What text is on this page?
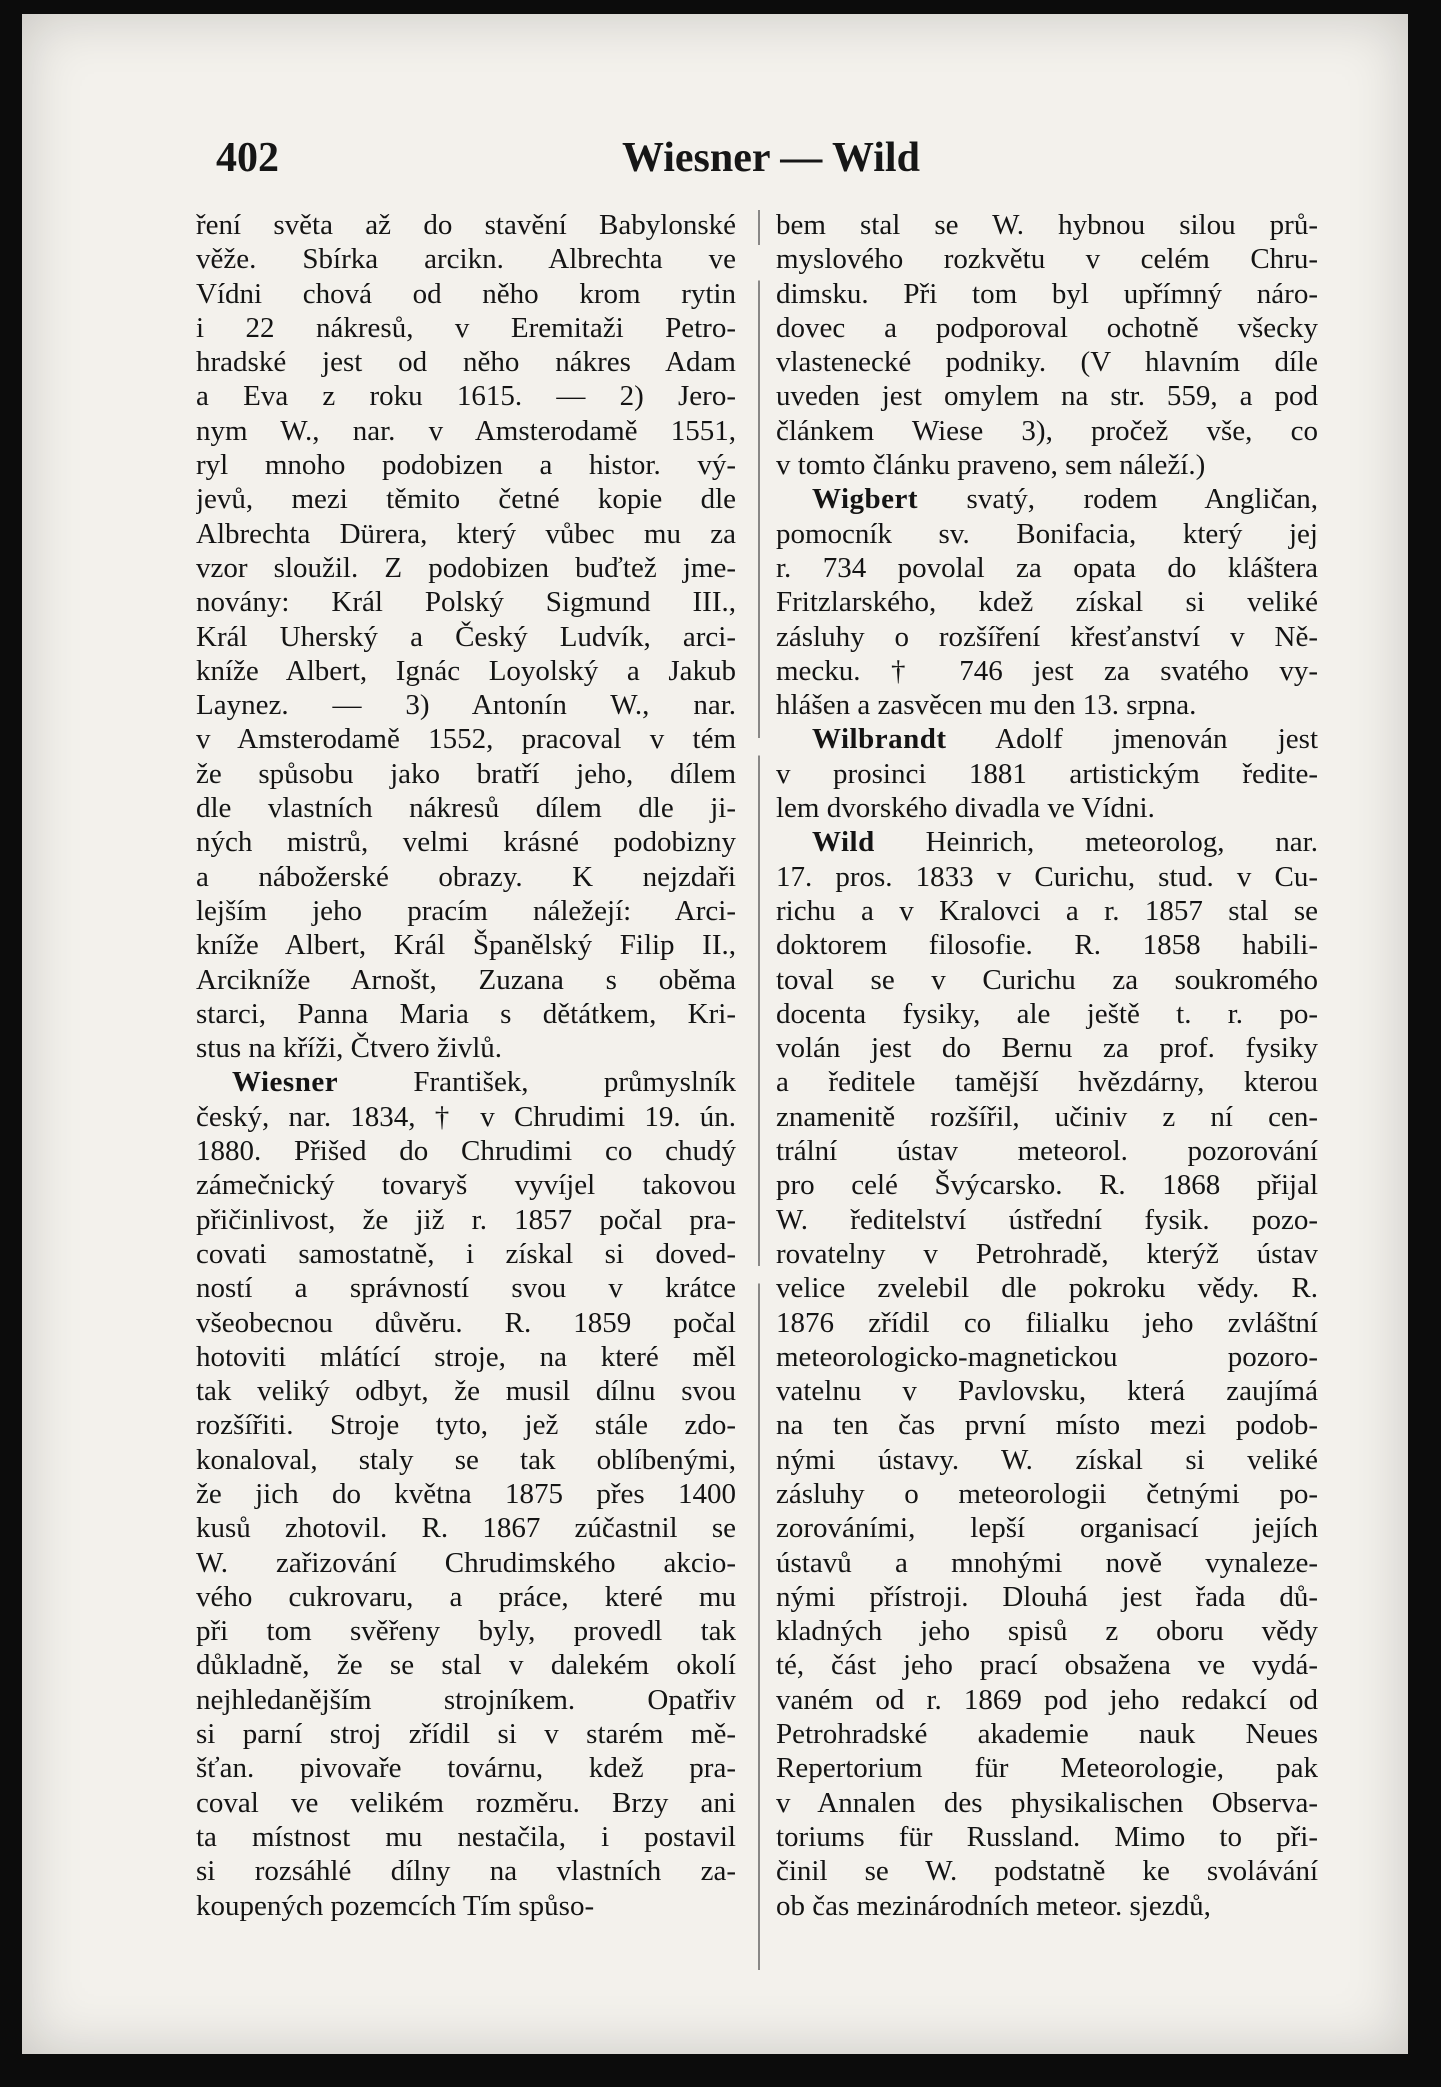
402	Wiesner — Wild
ření světa až do stavění Babylonské
věže. Sbírka arcikn. Albrechta ve
Vídni chová od něho krom rytin
i 22 nákresů, v Eremitaži Petro-
hradské jest od něho nákres Adam
a Eva z roku 1615. — 2) Jero-
nym W., nar. v Amsterodamě 1551,
ryl mnoho podobizen a histor. vý-
jevů, mezi těmito četné kopie dle
Albrechta Dürera, který vůbec mu za
vzor sloužil. Z podobizen buďtež jme-
novány: Král Polský Sigmund III.,
Král Uherský a Český Ludvík, arci-
kníže Albert, Ignác Loyolský a Jakub
Laynez. — 3) Antonín W., nar.
v Amsterodamě 1552, pracoval v tém
že spůsobu jako bratří jeho, dílem
dle vlastních nákresů dílem dle ji-
ných mistrů, velmi krásné podobizny
a nábožerské obrazy. K nejzdaři
lejším jeho pracím náležejí: Arci-
kníže Albert, Král Španělský Filip II.,
Arcikníže Arnošt, Zuzana s oběma
starci, Panna Maria s dětátkem, Kri-
stus na kříži, Čtvero živlů.
Wiesner František, průmyslník
český, nar. 1834, † v Chrudimi 19. ún.
1880. Přišed do Chrudimi co chudý
zámečnický tovaryš vyvíjel takovou
přičinlivost, že již r. 1857 počal pra-
covati samostatně, i získal si doved-
ností a správností svou v krátce
všeobecnou důvěru. R. 1859 počal
hotoviti mlátící stroje, na které měl
tak veliký odbyt, že musil dílnu svou
rozšířiti. Stroje tyto, jež stále zdo-
konaloval, staly se tak oblíbenými,
že jich do května 1875 přes 1400
kusů zhotovil. R. 1867 zúčastnil se
W. zařizování Chrudimského akcio-
vého cukrovaru, a práce, které mu
při tom svěřeny byly, provedl tak
důkladně, že se stal v dalekém okolí
nejhledanějším strojníkem. Opatřiv
si parní stroj zřídil si v starém mě-
šťan. pivovaře továrnu, kdež pra-
coval ve velikém rozměru. Brzy ani
ta místnost mu nestačila, i postavil
si rozsáhlé dílny na vlastních za-
koupených pozemcích Tím spůso-
bem stal se W. hybnou silou prů-
myslového rozkvětu v celém Chru-
dimsku. Při tom byl upřímný náro-
dovec a podporoval ochotně všecky
vlastenecké podniky. (V hlavním díle
uveden jest omylem na str. 559, a pod
článkem Wiese 3), pročež vše, co
v tomto článku praveno, sem náleží.)
Wigbert svatý, rodem Angličan,
pomocník sv. Bonifacia, který jej
r. 734 povolal za opata do kláštera
Fritzlarského, kdež získal si veliké
zásluhy o rozšíření křesťanství v Ně-
mecku. † 746 jest za svatého vy-
hlášen a zasvěcen mu den 13. srpna.
Wilbrandt Adolf jmenován jest
v prosinci 1881 artistickým ředite-
lem dvorského divadla ve Vídni.
Wild Heinrich, meteorolog, nar.
17. pros. 1833 v Curichu, stud. v Cu-
richu a v Kralovci a r. 1857 stal se
doktorem filosofie. R. 1858 habili-
toval se v Curichu za soukromého
docenta fysiky, ale ještě t. r. po-
volán jest do Bernu za prof. fysiky
a ředitele tamější hvězdárny, kterou
znamenitě rozšířil, učiniv z ní cen-
trální ústav meteorol. pozorování
pro celé Švýcarsko. R. 1868 přijal
W. ředitelství ústřední fysik. pozo-
rovatelny v Petrohradě, kterýž ústav
velice zvelebil dle pokroku vědy. R.
1876 zřídil co filialku jeho zvláštní
meteorologicko-magnetickou pozoro-
vatelnu v Pavlovsku, která zaujímá
na ten čas první místo mezi podob-
nými ústavy. W. získal si veliké
zásluhy o meteorologii četnými po-
zorováními, lepší organisací jejích
ústavů a mnohými nově vynaleze-
nými přístroji. Dlouhá jest řada dů-
kladných jeho spisů z oboru vědy
té, část jeho prací obsažena ve vydá-
vaném od r. 1869 pod jeho redakcí od
Petrohradské akademie nauk Neues
Repertorium für Meteorologie, pak
v Annalen des physikalischen Observa-
toriums für Russland. Mimo to při-
činil se W. podstatně ke svolávání
ob čas mezinárodních meteor. sjezdů,
